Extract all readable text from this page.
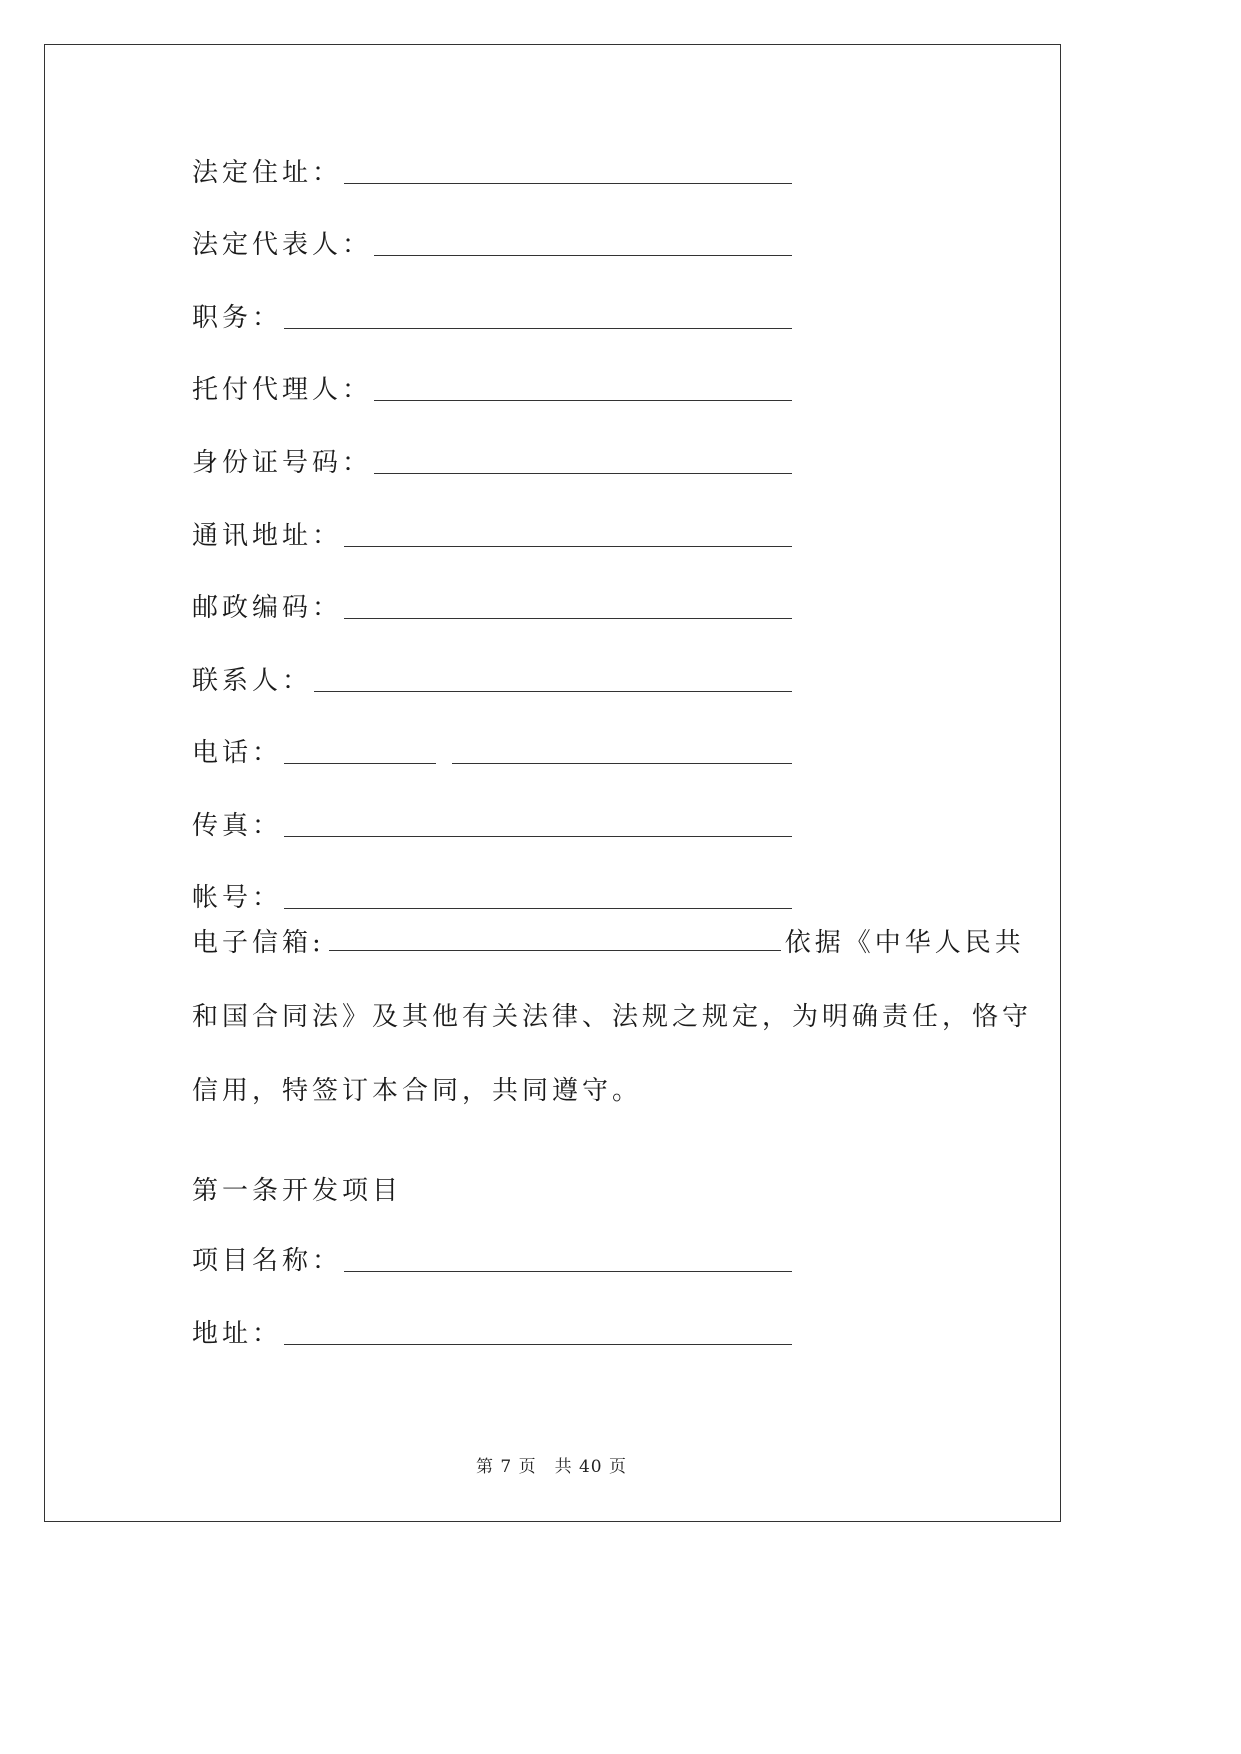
法定住址：
法定代表人：
职务：
托付代理人：
身份证号码：
通讯地址：
邮政编码：
联系人：
电话：
传真：
帐号：
电子信箱:	依据《中华人民共和国合同法》及其他有关法律、法规之规定，为明确责任，恪守信用，特签订本合同，共同遵守。
第一条开发项目
项目名称：
地址：
第 7 页　共 40 页
